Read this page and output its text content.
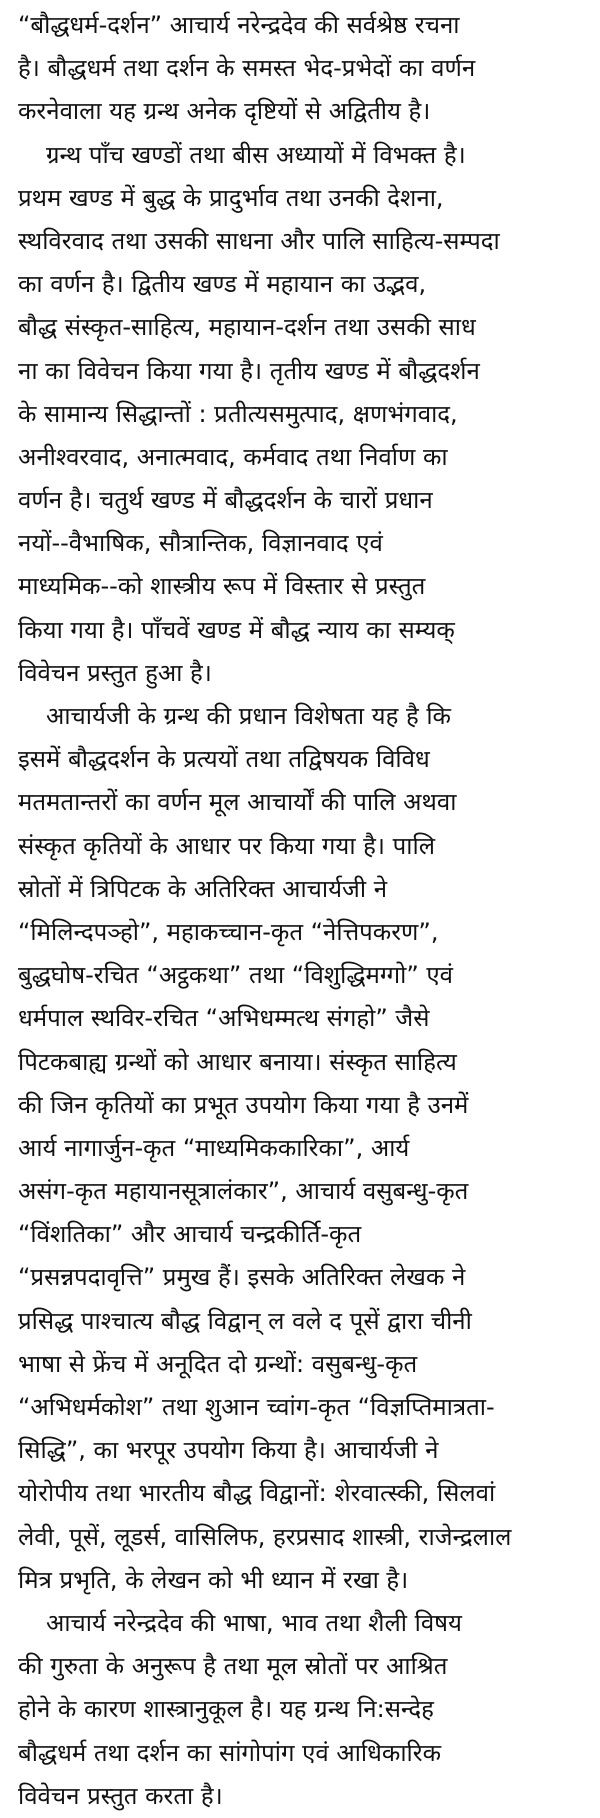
“बौद्धधर्म-दर्शन” आचार्य नरेन्द्रदेव की सर्वश्रेष्ठ रचना
है। बौद्धधर्म तथा दर्शन के समस्त भेद-प्रभेदों का वर्णन
करनेवाला यह ग्रन्थ अनेक दृष्टियों से अद्वितीय है।
ग्रन्थ पाँच खण्डों तथा बीस अध्यायों में विभक्त है।
प्रथम खण्ड में बुद्ध के प्रादुर्भाव तथा उनकी देशना,
स्थविरवाद तथा उसकी साधना और पालि साहित्य-सम्पदा
का वर्णन है। द्वितीय खण्ड में महायान का उद्भव,
बौद्ध संस्कृत-साहित्य, महायान-दर्शन तथा उसकी साध
ना का विवेचन किया गया है। तृतीय खण्ड में बौद्धदर्शन
के सामान्य सिद्धान्तों : प्रतीत्यसमुत्पाद, क्षणभंगवाद,
अनीश्वरवाद, अनात्मवाद, कर्मवाद तथा निर्वाण का
वर्णन है। चतुर्थ खण्ड में बौद्धदर्शन के चारों प्रधान
नयों--वैभाषिक, सौत्रान्तिक, विज्ञानवाद एवं
माध्यमिक--को शास्त्रीय रूप में विस्तार से प्रस्तुत
किया गया है। पाँचवें खण्ड में बौद्ध न्याय का सम्यक्
विवेचन प्रस्तुत हुआ है।
आचार्यजी के ग्रन्थ की प्रधान विशेषता यह है कि
इसमें बौद्धदर्शन के प्रत्ययों तथा तद्विषयक विविध
मतमतान्तरों का वर्णन मूल आचार्यों की पालि अथवा
संस्कृत कृतियों के आधार पर किया गया है। पालि
स्रोतों में त्रिपिटक के अतिरिक्त आचार्यजी ने
“मिलिन्दपञ्हो”, महाकच्चान-कृत “नेत्तिपकरण”,
बुद्धघोष-रचित “अट्ठकथा” तथा “विशुद्धिमग्गो” एवं
धर्मपाल स्थविर-रचित “अभिधम्मत्थ संगहो” जैसे
पिटकबाह्य ग्रन्थों को आधार बनाया। संस्कृत साहित्य
की जिन कृतियों का प्रभूत उपयोग किया गया है उनमें
आर्य नागार्जुन-कृत “माध्यमिककारिका”, आर्य
असंग-कृत महायानसूत्रालंकार”, आचार्य वसुबन्धु-कृत
“विंशतिका” और आचार्य चन्द्रकीर्ति-कृत
“प्रसन्नपदावृत्ति” प्रमुख हैं। इसके अतिरिक्त लेखक ने
प्रसिद्ध पाश्चात्य बौद्ध विद्वान् ल वले द पूसें द्वारा चीनी
भाषा से फ्रेंच में अनूदित दो ग्रन्थों: वसुबन्धु-कृत
“अभिधर्मकोश” तथा शुआन च्वांग-कृत “विज्ञप्तिमात्रता-
सिद्धि”, का भरपूर उपयोग किया है। आचार्यजी ने
योरोपीय तथा भारतीय बौद्ध विद्वानों: शेरवात्स्की, सिलवां
लेवी, पूसें, लूडर्स, वासिलिफ, हरप्रसाद शास्त्री, राजेन्द्रलाल
मित्र प्रभृति, के लेखन को भी ध्यान में रखा है।
आचार्य नरेन्द्रदेव की भाषा, भाव तथा शैली विषय
की गुरुता के अनुरूप है तथा मूल स्रोतों पर आश्रित
होने के कारण शास्त्रानुकूल है। यह ग्रन्थ नि:सन्देह
बौद्धधर्म तथा दर्शन का सांगोपांग एवं आधिकारिक
विवेचन प्रस्तुत करता है।
